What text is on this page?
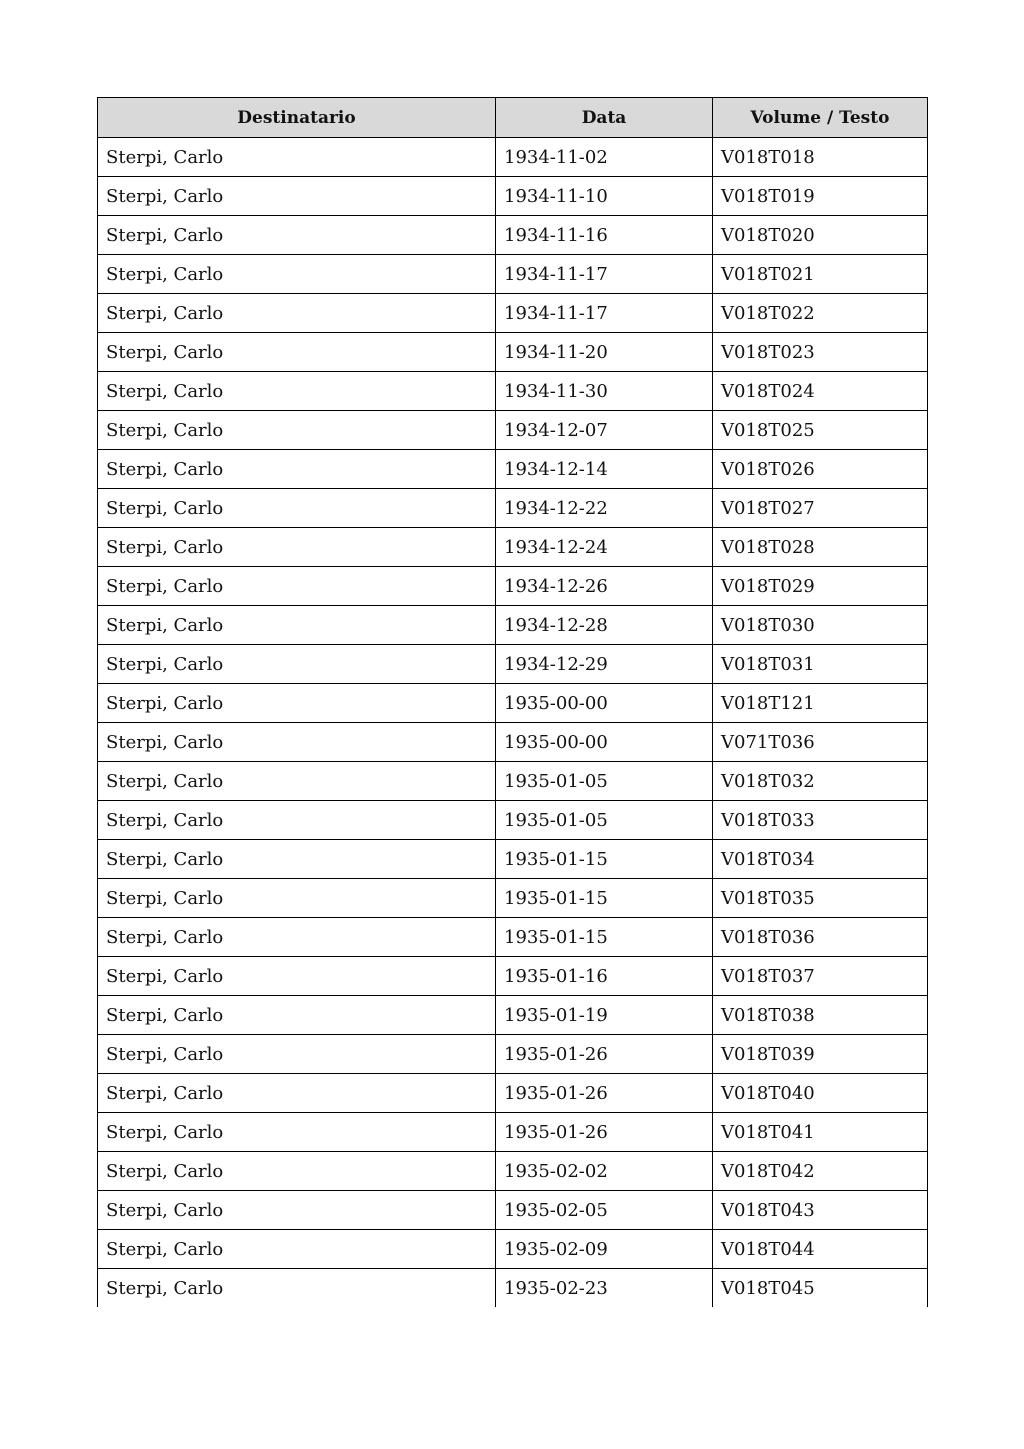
Destinatario	Data	Volume / Testo
Sterpi, Carlo	1934-11-02	V018T018
Sterpi, Carlo	1934-11-10	V018T019
Sterpi, Carlo	1934-11-16	V018T020
Sterpi, Carlo	1934-11-17	V018T021
Sterpi, Carlo	1934-11-17	V018T022
Sterpi, Carlo	1934-11-20	V018T023
Sterpi, Carlo	1934-11-30	V018T024
Sterpi, Carlo	1934-12-07	V018T025
Sterpi, Carlo	1934-12-14	V018T026
Sterpi, Carlo	1934-12-22	V018T027
Sterpi, Carlo	1934-12-24	V018T028
Sterpi, Carlo	1934-12-26	V018T029
Sterpi, Carlo	1934-12-28	V018T030
Sterpi, Carlo	1934-12-29	V018T031
Sterpi, Carlo	1935-00-00	V018T121
Sterpi, Carlo	1935-00-00	V071T036
Sterpi, Carlo	1935-01-05	V018T032
Sterpi, Carlo	1935-01-05	V018T033
Sterpi, Carlo	1935-01-15	V018T034
Sterpi, Carlo	1935-01-15	V018T035
Sterpi, Carlo	1935-01-15	V018T036
Sterpi, Carlo	1935-01-16	V018T037
Sterpi, Carlo	1935-01-19	V018T038
Sterpi, Carlo	1935-01-26	V018T039
Sterpi, Carlo	1935-01-26	V018T040
Sterpi, Carlo	1935-01-26	V018T041
Sterpi, Carlo	1935-02-02	V018T042
Sterpi, Carlo	1935-02-05	V018T043
Sterpi, Carlo	1935-02-09	V018T044
Sterpi, Carlo	1935-02-23	V018T045
